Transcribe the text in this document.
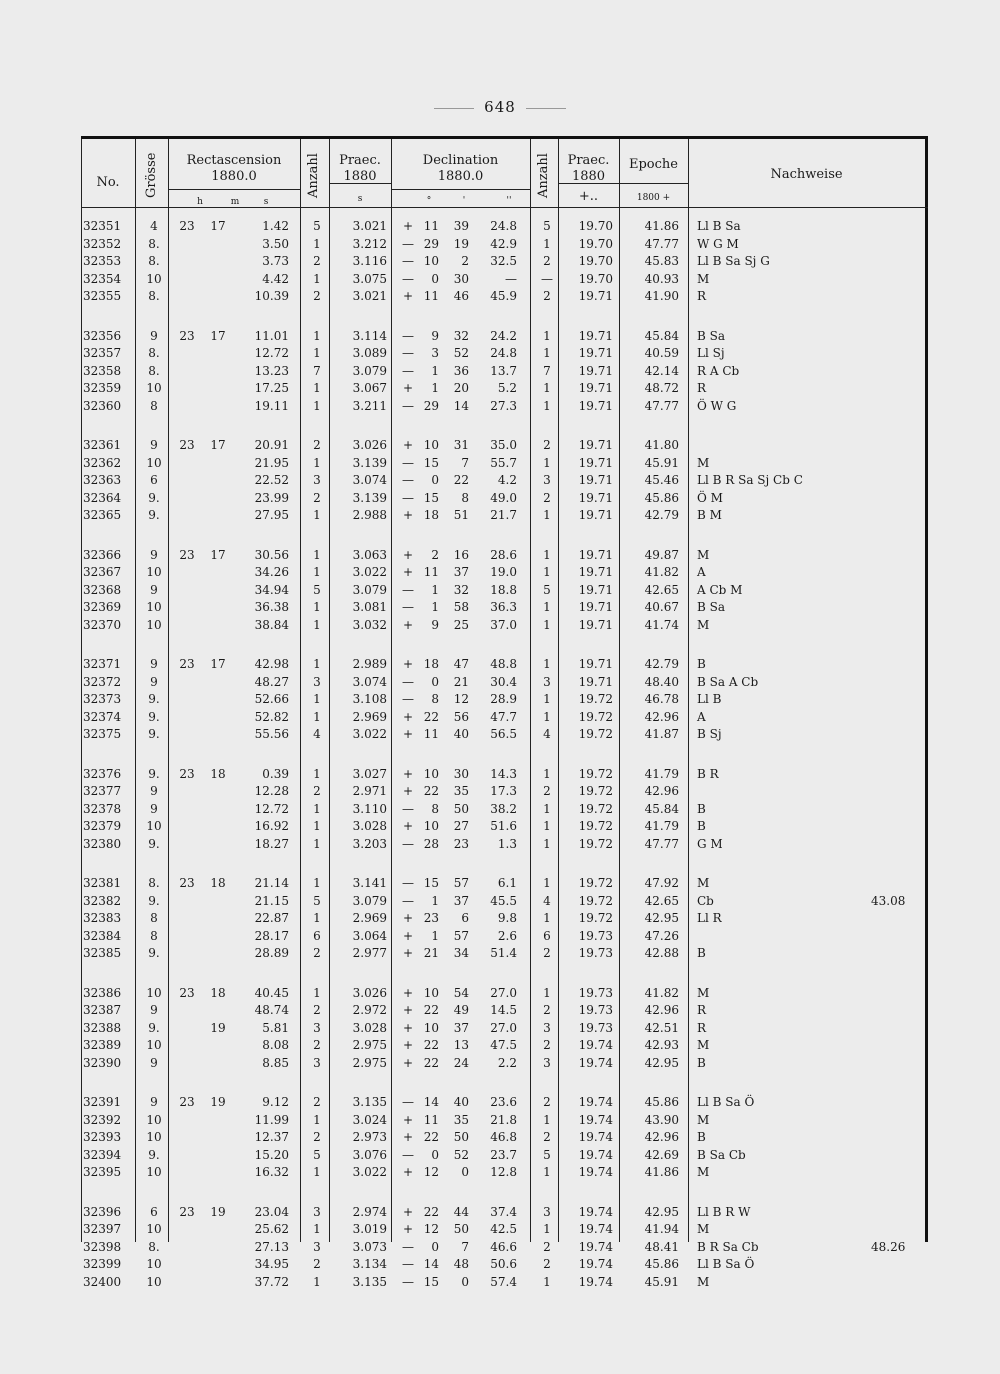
648
No.	Grösse	Rectascension
1880.0
h	m	s
Anzahl	Praec.
1880
s
Declination
1880.0
°	'	''
Anzahl	Praec.
1880
+..
Epoche
1800 +
Nachweise
32351	4	23 17	1.42	5	3.021 + 11	39	24.8	5	19.70	41.86 Ll B Sa
32352	8.	3.50	1	3.212 — 29	19	42.9	1	19.70	47.77 W G M
32353	8.	3.73	2	3.116 — 10	2	32.5	2	19.70	45.83 Ll B Sa Sj G
32354 10	4.42	1	3.075 —	0	30	— —	19.70	40.93 M
32355	8.	10.39	2	3.021 + 11	46	45.9	2	19.71	41.90 R
32356	9	23 17	11.01	1	3.114 —	9	32	24.2	1	19.71	45.84 B Sa
32357	8.	12.72	1	3.089 —	3	52	24.8	1	19.71	40.59 Ll Sj
32358	8.	13.23	7	3.079 —	1	36	13.7	7	19.71	42.14 R A Cb
32359 10	17.25	1	3.067 +	1	20	5.2	1	19.71	48.72 R
32360	8	19.11	1	3.211 — 29	14	27.3	1	19.71	47.77 Ö W G
32361	9	23 17	20.91	2	3.026 + 10	31	35.0	2	19.71	41.80
32362 10	21.95	1	3.139 — 15	7	55.7	1	19.71	45.91 M
32363	6	22.52	3	3.074 —	0	22	4.2	3	19.71	45.46 Ll B R Sa Sj Cb C
32364	9.	23.99	2	3.139 — 15	8	49.0	2	19.71	45.86 Ö M
32365	9.	27.95	1	2.988 + 18	51	21.7	1	19.71	42.79 B M
32366	9	23 17	30.56	1	3.063 +	2	16	28.6	1	19.71	49.87 M
32367 10	34.26	1	3.022 + 11	37	19.0	1	19.71	41.82 A
32368	9	34.94	5	3.079 —	1	32	18.8	5	19.71	42.65 A Cb M
32369 10	36.38	1	3.081 —	1	58	36.3	1	19.71	40.67 B Sa
32370 10	38.84	1	3.032 +	9	25	37.0	1	19.71	41.74 M
32371	9	23 17	42.98	1	2.989 + 18	47	48.8	1	19.71	42.79 B
32372	9	48.27	3	3.074 —	0	21	30.4	3	19.71	48.40 B Sa A Cb
32373	9.	52.66	1	3.108 —	8	12	28.9	1	19.72	46.78 Ll B
32374	9.	52.82	1	2.969 + 22	56	47.7	1	19.72	42.96 A
32375	9.	55.56	4	3.022 + 11	40	56.5	4	19.72	41.87 B Sj
32376	9.	23 18	0.39	1	3.027 + 10	30	14.3	1	19.72	41.79 B R
32377	9	12.28	2	2.971 + 22	35	17.3	2	19.72	42.96
32378	9	12.72	1	3.110 —	8	50	38.2	1	19.72	45.84 B
32379 10	16.92	1	3.028 + 10	27	51.6	1	19.72	41.79 B
32380	9.	18.27	1	3.203 — 28	23	1.3	1	19.72	47.77 G M
32381	8.	23 18	21.14	1	3.141 — 15	57	6.1	1	19.72	47.92 M
32382	9.	21.15	5	3.079 —	1	37	45.5	4	19.72	42.65 Cb	43.08
32383	8	22.87	1	2.969 + 23	6	9.8	1	19.72	42.95 Ll R
32384	8	28.17	6	3.064 +	1	57	2.6	6	19.73	47.26
32385	9.	28.89	2	2.977 + 21	34	51.4	2	19.73	42.88 B
32386 10 23 18	40.45	1	3.026 + 10	54	27.0	1	19.73	41.82 M
32387	9	48.74	2	2.972 + 22	49	14.5	2	19.73	42.96 R
32388	9.	19	5.81	3	3.028 + 10	37	27.0	3	19.73	42.51 R
32389 10	8.08	2	2.975 + 22	13	47.5	2	19.74	42.93 M
32390	9	8.85	3	2.975 + 22	24	2.2	3	19.74	42.95 B
32391	9	23 19	9.12	2	3.135 — 14	40	23.6	2	19.74	45.86 Ll B Sa Ö
32392 10	11.99	1	3.024 + 11	35	21.8	1	19.74	43.90 M
32393 10	12.37	2	2.973 + 22	50	46.8	2	19.74	42.96 B
32394	9.	15.20	5	3.076 —	0	52	23.7	5	19.74	42.69 B Sa Cb
32395 10	16.32	1	3.022 + 12	0	12.8	1	19.74	41.86 M
32396	6	23 19	23.04	3	2.974 + 22	44	37.4	3	19.74	42.95 Ll B R W
32397 10	25.62	1	3.019 + 12	50	42.5	1	19.74	41.94 M
32398	8.	27.13	3	3.073 —	0	7	46.6	2	19.74	48.41 B R Sa Cb	48.26
32399 10	34.95	2	3.134 — 14	48	50.6	2	19.74	45.86 Ll B Sa Ö
32400 10	37.72	1	3.135 — 15	0	57.4	1	19.74	45.91 M
